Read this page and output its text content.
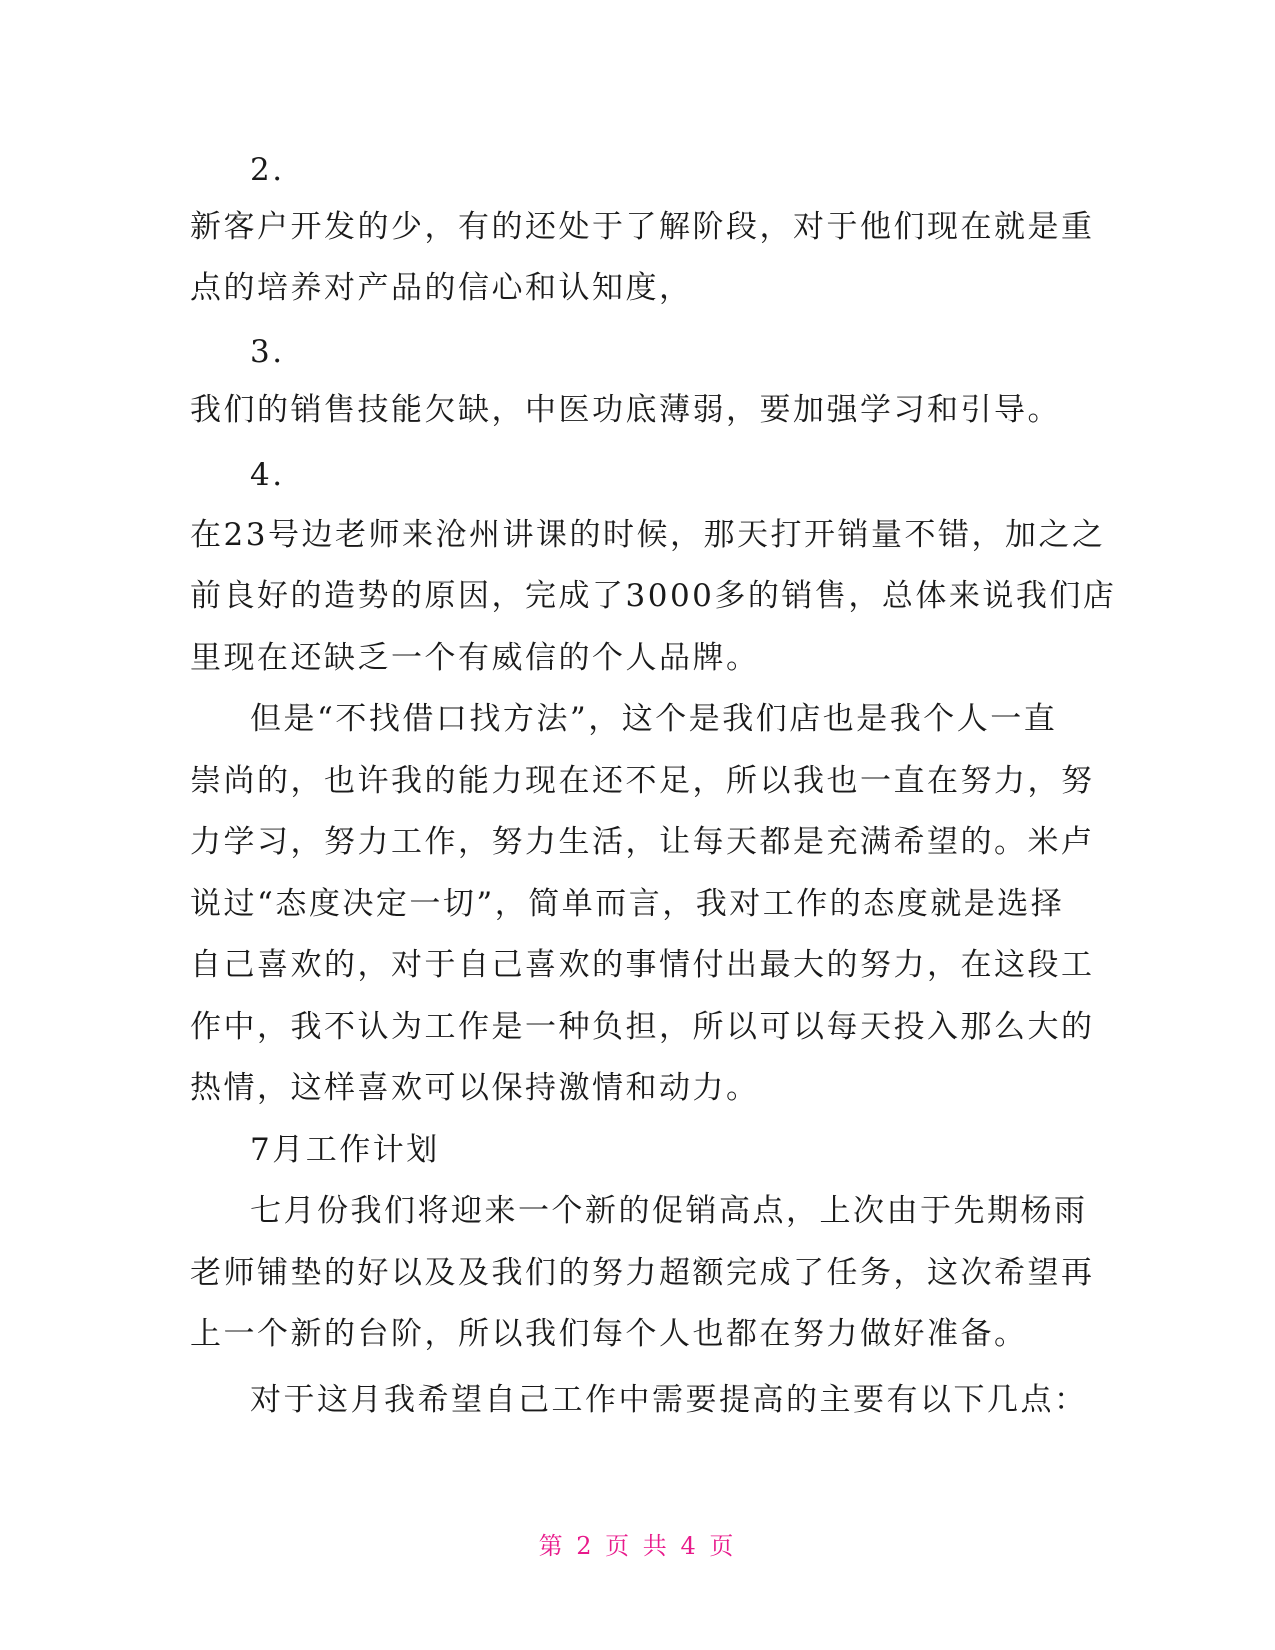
2.
新客户开发的少，有的还处于了解阶段，对于他们现在就是重
点的培养对产品的信心和认知度，
3.
我们的销售技能欠缺，中医功底薄弱，要加强学习和引导。
4.
在23号边老师来沧州讲课的时候，那天打开销量不错，加之之
前良好的造势的原因，完成了3000多的销售，总体来说我们店
里现在还缺乏一个有威信的个人品牌。
但是“不找借口找方法”，这个是我们店也是我个人一直
崇尚的，也许我的能力现在还不足，所以我也一直在努力，努
力学习，努力工作，努力生活，让每天都是充满希望的。米卢
说过“态度决定一切”，简单而言，我对工作的态度就是选择
自己喜欢的，对于自己喜欢的事情付出最大的努力，在这段工
作中，我不认为工作是一种负担，所以可以每天投入那么大的
热情，这样喜欢可以保持激情和动力。
7月工作计划
七月份我们将迎来一个新的促销高点，上次由于先期杨雨
老师铺垫的好以及及我们的努力超额完成了任务，这次希望再
上一个新的台阶，所以我们每个人也都在努力做好准备。
对于这月我希望自己工作中需要提高的主要有以下几点：
第 2 页 共 4 页
